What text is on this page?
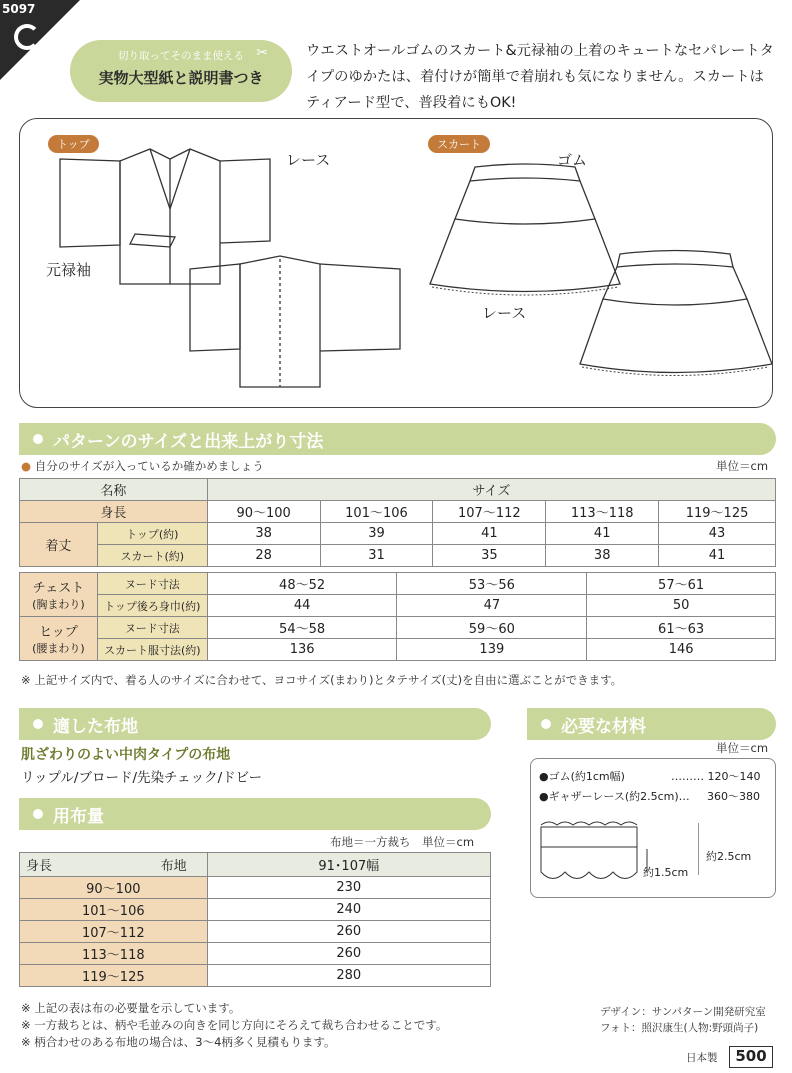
5097
切り取ってそのまま使える
実物大型紙と説明書つき
✂	ウエストオールゴムのスカート&元禄袖の上着のキュートなセパレートタイプのゆかたは、着付けが簡単で着崩れも気になりません。スカートはティアード型で、普段着にもOK!
トップ	スカート
レース
元禄袖
ゴム
レース
パターンのサイズと出来上がり寸法
● 自分のサイズが入っているか確かめましょう	単位＝cm
名称		サイズ				
身長		90〜100	101〜106	107〜112	113〜118	119〜125
着丈	トップ(約)	38	39	41	41	43
	スカート(約)	28	31	35	38	41
チェスト
(胸まわり)	ヌード寸法	48〜52	53〜56	57〜61
	トップ後ろ身巾(約)	44	47	50
ヒップ
(腰まわり)	ヌード寸法	54〜58	59〜60	61〜63
	スカート服寸法(約)	136	139	146
※ 上記サイズ内で、着る人のサイズに合わせて、ヨコサイズ(まわり)とタテサイズ(丈)を自由に選ぶことができます。
適した布地
肌ざわりのよい中肉タイプの布地
リップル/ブロード/先染チェック/ドビー
必要な材料
単位＝cm
●ゴム(約1cm幅)	……… 120〜140
●ギャザーレース(約2.5cm)… 360〜380
約1.5cm
約2.5cm
用布量
布地＝一方裁ち　単位＝cm
身長 布地	91･107幅
90〜100	230
101〜106	240
107〜112	260
113〜118	260
119〜125	280
※ 上記の表は布の必要量を示しています。
※ 一方裁ちとは、柄や毛並みの向きを同じ方向にそろえて裁ち合わせることです。
※ 柄合わせのある布地の場合は、3〜4柄多く見積もります。
デザイン：サンパターン開発研究室
フォト：照沢康生(人物:野頭尚子)
日本製	500
